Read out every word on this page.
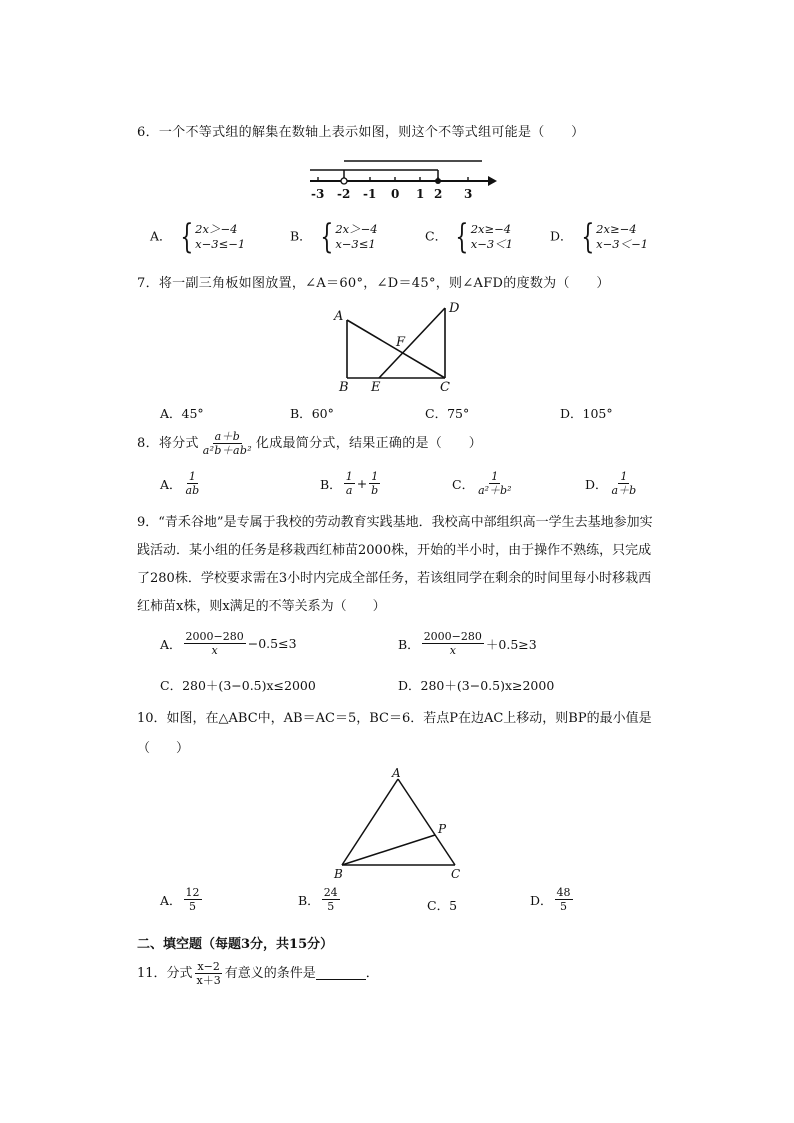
6．一个不等式组的解集在数轴上表示如图，则这个不等式组可能是（　　）
-3 -2 -1 0 1 2 3
A． { 2x＞−4
x−3≤−1
B． { 2x＞−4
x−3≤1
C． { 2x≥−4
x−3＜1
D． { 2x≥−4
x−3＜−1
7．将一副三角板如图放置，∠A＝60°，∠D＝45°，则∠AFD的度数为（　　）
A
B	C
D
E
F
A．45°	B．60°	C．75°	D．105°
8．将分式 $\frac{a+b}{\text{a²b＋ab²}}$ 化成最简分式，结果正确的是（　　）
A． $\frac{1}{ab}$	B． $\frac{1}{a} + \frac{1}{b}$	C． $\frac{1}{\text{a²＋b²}}$	D． $\frac{1}{a+b}$
9．“青禾谷地”是专属于我校的劳动教育实践基地．我校高中部组织高一学生去基地参加实
践活动．某小组的任务是移栽西红柿苗2000株，开始的半小时，由于操作不熟练，只完成
了280株．学校要求需在3小时内完成全部任务，若该组同学在剩余的时间里每小时移栽西
红柿苗x株，则x满足的不等关系为（　　）
A． $\frac{2000-280}{x} -0.5\le 3$	B． $\frac{2000-280}{x} +0.5\ge 3$
C．280＋(3−0.5)x≤2000	D．280＋(3−0.5)x≥2000
10．如图，在△ABC中，AB＝AC＝5，BC＝6．若点P在边AC上移动，则BP的最小值是
（　　）
A
B	C
P
A． $\frac{12}{5}$	B． $\frac{24}{5}$	C．5	D． $\frac{48}{5}$
二、填空题（每题3分，共15分）
11．分式 $\frac{x-2}{x+3}$ 有意义的条件是	．
